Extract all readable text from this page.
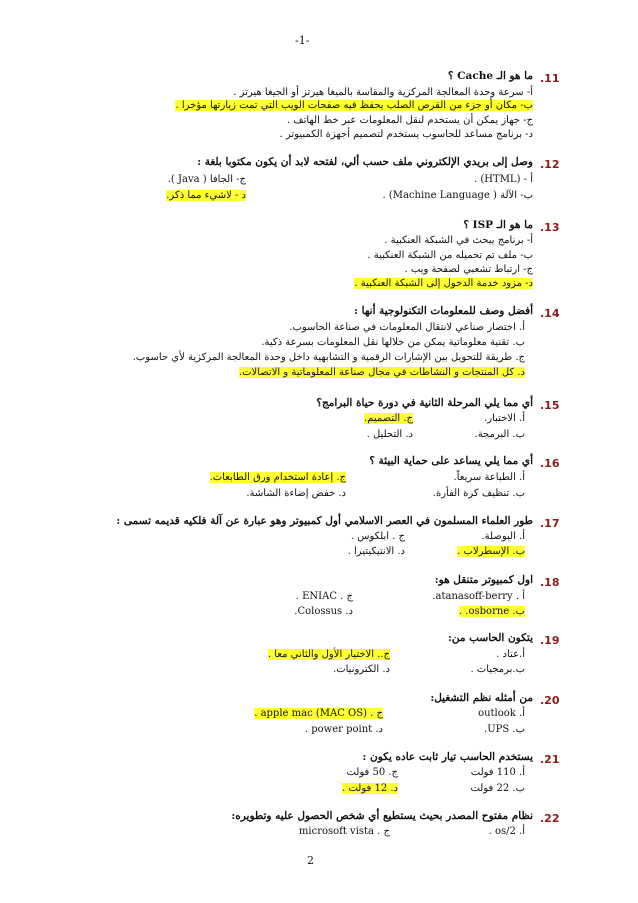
-1-
.11
ما هو الـ Cache ؟
أ- سرعة وحدة المعالجة المركزية والمقاسة بالميغا هيرتز أو الجيغا هيرتز .
ب- مكان أو جزء من القرص الصلب يحفظ فيه صفحات الويب التي تمت زيارتها مؤخرا .
ج- جهاز يمكن أن يستخدم لنقل المعلومات عبر خط الهاتف .
د- برنامج مساعد للحاسوب يستخدم لتصميم أجهزة الكمبيوتر .
.12
وصل إلى بريدي الإلكتروني ملف حسب ألي، لفتحه لابد أن يكون مكتوبا بلغة :
أ - (HTML) .
ج- الجافا ( Java ).
ب- الآلة ( Machine Language) .
د - لاشيء مما ذكر.
.13
ما هو الـ ISP ؟
أ- برنامج يبحث في الشبكة العنكبية .
ب- ملف تم تحميله من الشبكة العنكبية .
ج- ارتباط تشعبي لصفحة ويب .
د- مزود خدمة الدخول إلى الشبكة العنكبية .
.14
أفضل وصف للمعلومات التكنولوجية أنها :
أ. اختصار صناعي لانتقال المعلومات في صناعة الحاسوب.
ب. تقنية معلوماتية يمكن من خلالها نقل المعلومات بسرعة ذكية.
ج. طريقة للتحويل بين الإشارات الرقمية و التشابهية داخل وحدة المعالجة المركزية لأي حاسوب.
د. كل المنتجات و النشاطات في مجال صناعة المعلوماتية و الاتصالات.
.15
أي مما يلي المرحلة الثانية في دورة حياة البرامج؟
أ. الاختبار.
ج. التصميم.
ب. البرمجة.
د. التحليل .
.16
أي مما يلي يساعد على حماية البيئة ؟
أ. الطباعة سريعاً.
ج. إعادة استخدام ورق الطابعات.
ب. تنظيف كرة الفأرة.
د. خفض إضاءة الشاشة.
.17
طور العلماء المسلمون في العصر الاسلامي أول كمبيوتر وهو عبارة عن آلة فلكيه قديمه تسمى :
أ. البوصلة.
ج . ابلكوس .
ب. الإسطرلاب .
د. الانتيكيتيرا .
.18
اول كمبيوتر متنقل هو:
أ . atanasoff-berry.
ج . ENIAC .
ب. osborne. .
د. Colossus.
.19
يتكون الحاسب من:
أ.عتاد .
ج.. الاختيار الأول والثاني معا .
ب.برمجيات .
د. الكترونيات.
.20
من أمثله نظم التشغيل:
أ. outlook
ج . apple mac (MAC OS) .
ب. UPS.
د. power point .
.21
يستخدم الحاسب تيار ثابت عاده يكون :
أ. 110 فولت
ج. 50 فولت
ب. 22 فولت
د. 12 فولت .
.22
نظام مفتوح المصدر بحيث يستطيع أي شخص الحصول عليه وتطويره:
أ. os/2 .
ج . microsoft vista
2
